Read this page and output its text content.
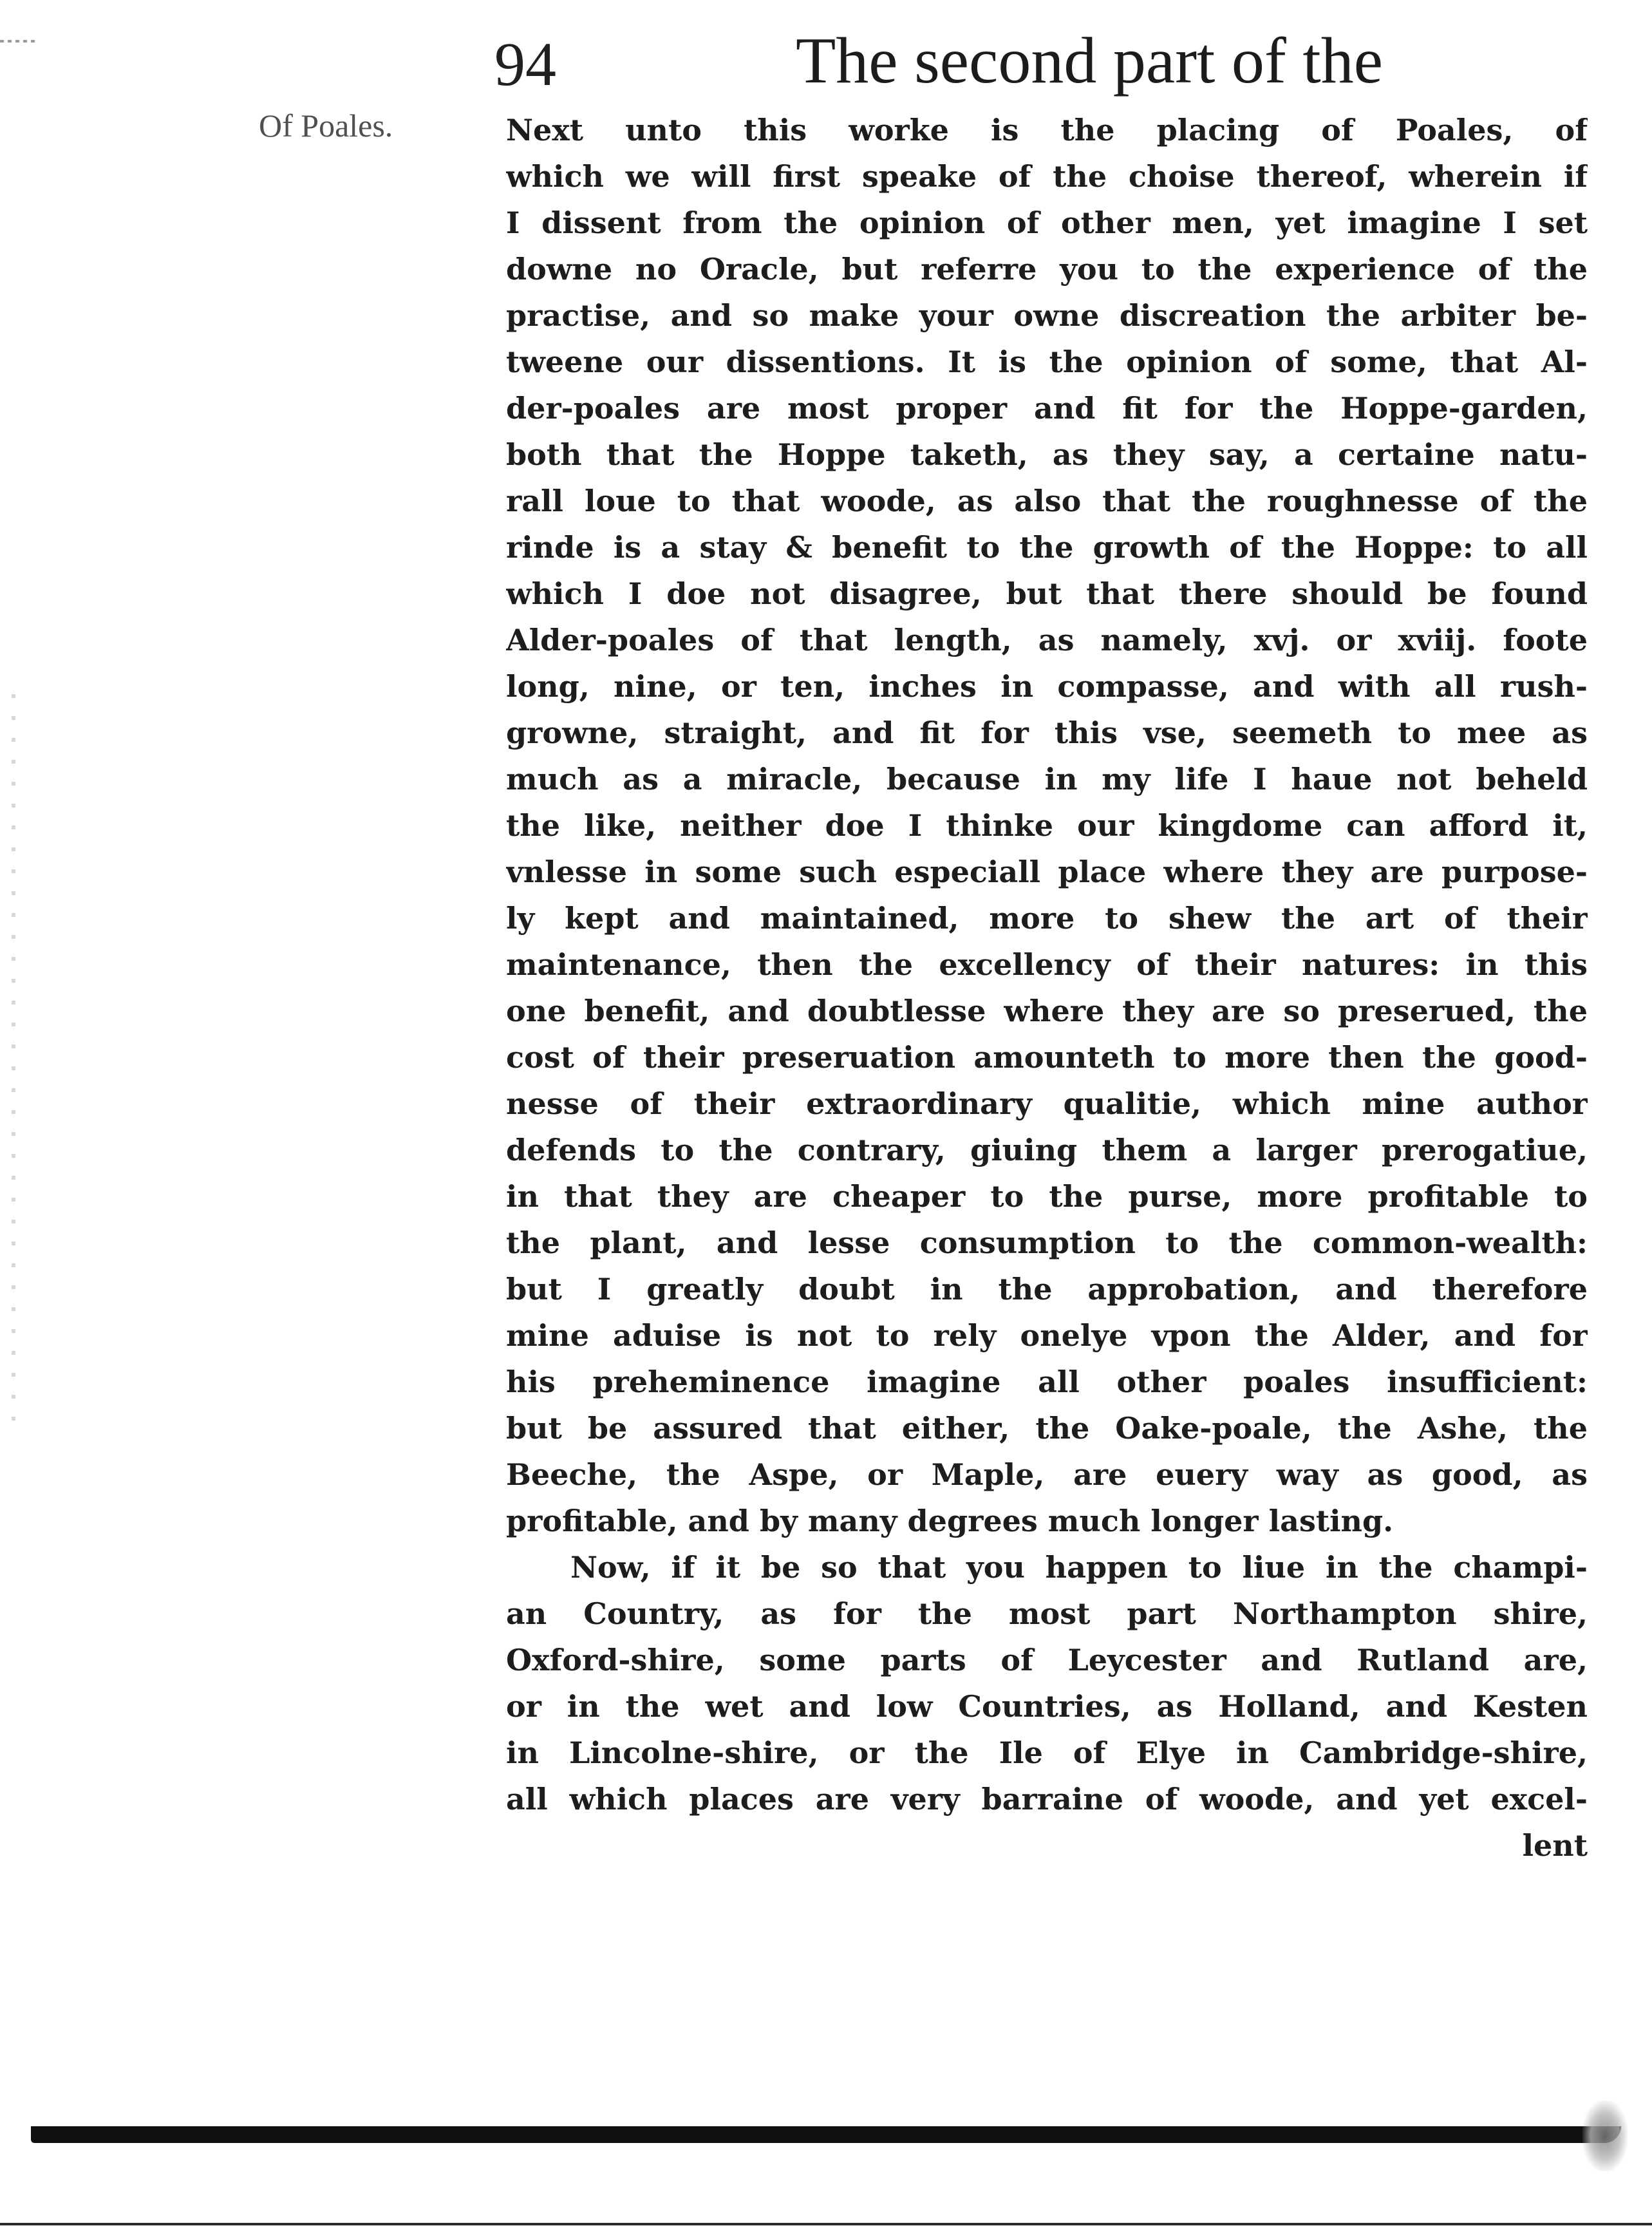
94	The second part of the
Of Poales.	Next unto this worke is the placing of Poales, of
which we will first speake of the choise thereof, wherein if
I dissent from the opinion of other men, yet imagine I set
downe no Oracle, but referre you to the experience of the
practise, and so make your owne discreation the arbiter be-
tweene our dissentions. It is the opinion of some, that Al-
der-poales are most proper and fit for the Hoppe-garden,
both that the Hoppe taketh, as they say, a certaine natu-
rall loue to that woode, as also that the roughnesse of the
rinde is a stay & benefit to the growth of the Hoppe: to all
which I doe not disagree, but that there should be found
Alder-poales of that length, as namely, xvj. or xviij. foote
long, nine, or ten, inches in compasse, and with all rush-
growne, straight, and fit for this vse, seemeth to mee as
much as a miracle, because in my life I haue not beheld
the like, neither doe I thinke our kingdome can afford it,
vnlesse in some such especiall place where they are purpose-
ly kept and maintained, more to shew the art of their
maintenance, then the excellency of their natures: in this
one benefit, and doubtlesse where they are so preserued, the
cost of their preseruation amounteth to more then the good-
nesse of their extraordinary qualitie, which mine author
defends to the contrary, giuing them a larger prerogatiue,
in that they are cheaper to the purse, more profitable to
the plant, and lesse consumption to the common-wealth:
but I greatly doubt in the approbation, and therefore
mine aduise is not to rely onelye vpon the Alder, and for
his preheminence imagine all other poales insufficient:
but be assured that either, the Oake-poale, the Ashe, the
Beeche, the Aspe, or Maple, are euery way as good, as
profitable, and by many degrees much longer lasting.
Now, if it be so that you happen to liue in the champi-
an Country, as for the most part Northampton shire,
Oxford-shire, some parts of Leycester and Rutland are,
or in the wet and low Countries, as Holland, and Kesten
in Lincolne-shire, or the Ile of Elye in Cambridge-shire,
all which places are very barraine of woode, and yet excel-
lent
